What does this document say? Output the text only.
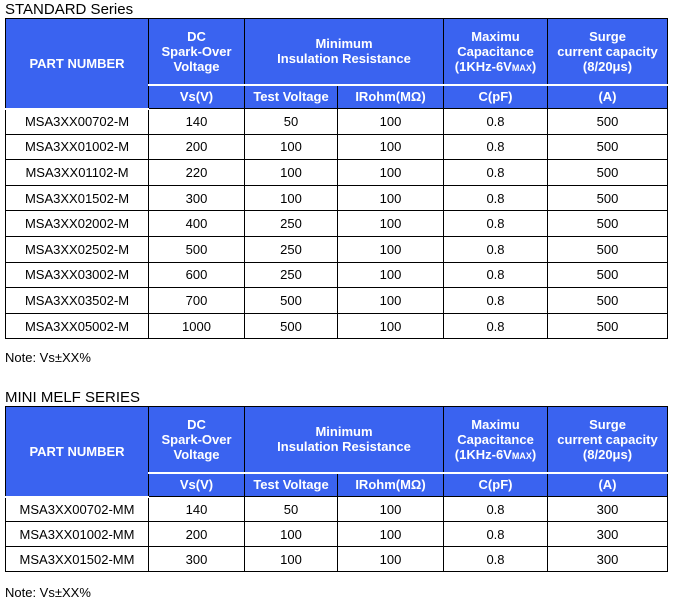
STANDARD Series
PART NUMBER	DC
Spark-Over
Voltage	Minimum
Insulation Resistance		Maximu
Capacitance
(1KHz-6VMAX)	Surge
current capacity
(8/20μs)
	Vs(V)	Test Voltage	IRohm(MΩ)	C(pF)	(A)
MSA3XX00702-M	140	50	100	0.8	500
MSA3XX01002-M	200	100	100	0.8	500
MSA3XX01102-M	220	100	100	0.8	500
MSA3XX01502-M	300	100	100	0.8	500
MSA3XX02002-M	400	250	100	0.8	500
MSA3XX02502-M	500	250	100	0.8	500
MSA3XX03002-M	600	250	100	0.8	500
MSA3XX03502-M	700	500	100	0.8	500
MSA3XX05002-M	1000	500	100	0.8	500
Note: Vs±XX%
MINI MELF SERIES
PART NUMBER	DC
Spark-Over
Voltage	Minimum
Insulation Resistance		Maximu
Capacitance
(1KHz-6VMAX)	Surge
current capacity
(8/20μs)
	Vs(V)	Test Voltage	IRohm(MΩ)	C(pF)	(A)
MSA3XX00702-MM	140	50	100	0.8	300
MSA3XX01002-MM	200	100	100	0.8	300
MSA3XX01502-MM	300	100	100	0.8	300
Note: Vs±XX%
